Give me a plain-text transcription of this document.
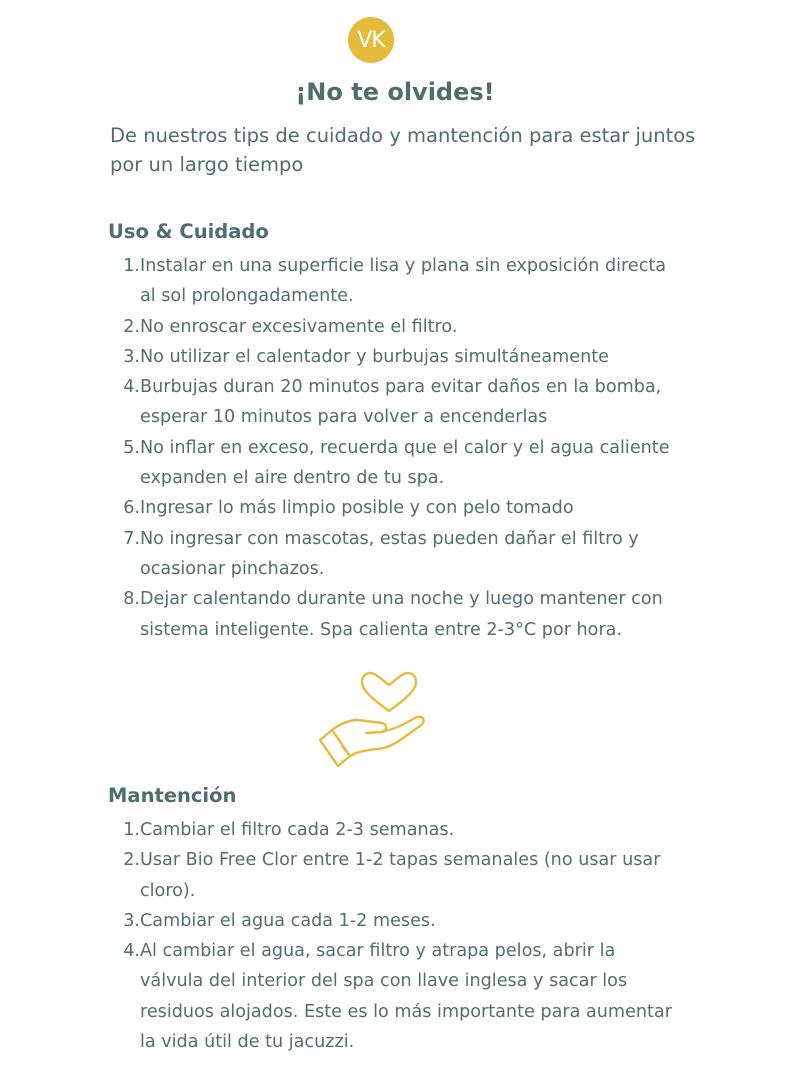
VK
¡No te olvides!

De nuestros tips de cuidado y mantención para estar juntos por un largo tiempo

Uso & Cuidado
1. Instalar en una superficie lisa y plana sin exposición directa al sol prolongadamente.
2. No enroscar excesivamente el filtro.
3. No utilizar el calentador y burbujas simultáneamente
4. Burbujas duran 20 minutos para evitar daños en la bomba, esperar 10 minutos para volver a encenderlas
5. No inflar en exceso, recuerda que el calor y el agua caliente expanden el aire dentro de tu spa.
6. Ingresar lo más limpio posible y con pelo tomado
7. No ingresar con mascotas, estas pueden dañar el filtro y ocasionar pinchazos.
8. Dejar calentando durante una noche y luego mantener con sistema inteligente. Spa calienta entre 2-3°C por hora.
Mantención
1. Cambiar el filtro cada 2-3 semanas.
2. Usar Bio Free Clor entre 1-2 tapas semanales (no usar usar cloro).
3. Cambiar el agua cada 1-2 meses.
4. Al cambiar el agua, sacar filtro y atrapa pelos, abrir la válvula del interior del spa con llave inglesa y sacar los residuos alojados. Este es lo más importante para aumentar la vida útil de tu jacuzzi.
